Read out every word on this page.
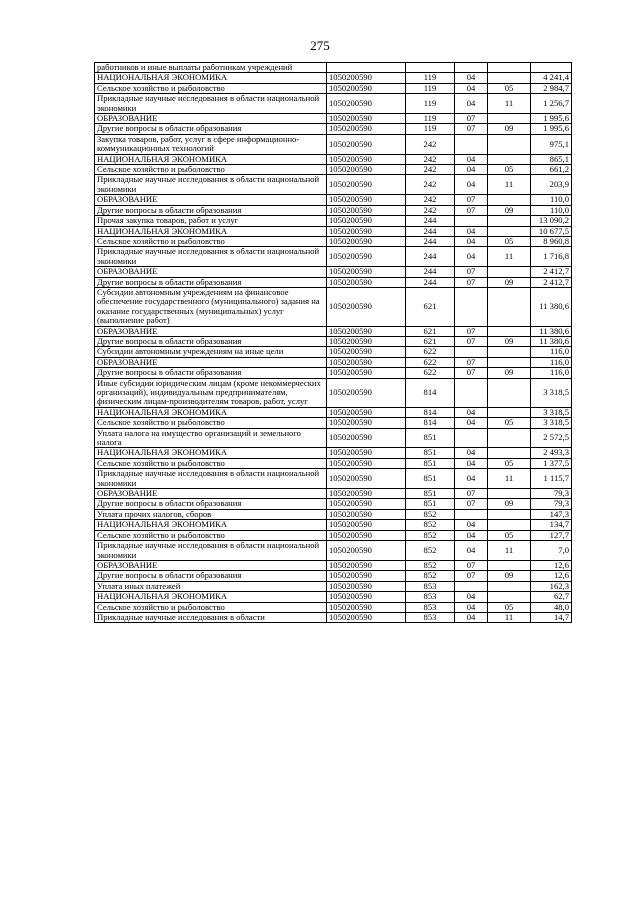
275
работников и иные выплаты работникам учреждений					
НАЦИОНАЛЬНАЯ ЭКОНОМИКА	1050200590	119	04		4 241,4
Сельское хозяйство и рыболовство	1050200590	119	04	05	2 984,7
Прикладные научные исследования в области национальной экономики	1050200590	119	04	11	1 256,7
ОБРАЗОВАНИЕ	1050200590	119	07		1 995,6
Другие вопросы в области образования	1050200590	119	07	09	1 995,6
Закупка товаров, работ, услуг в сфере информационно-коммуникационных технологий	1050200590	242			975,1
НАЦИОНАЛЬНАЯ ЭКОНОМИКА	1050200590	242	04		865,1
Сельское хозяйство и рыболовство	1050200590	242	04	05	661,2
Прикладные научные исследования в области национальной экономики	1050200590	242	04	11	203,9
ОБРАЗОВАНИЕ	1050200590	242	07		110,0
Другие вопросы в области образования	1050200590	242	07	09	110,0
Прочая закупка товаров, работ и услуг	1050200590	244			13 090,2
НАЦИОНАЛЬНАЯ ЭКОНОМИКА	1050200590	244	04		10 677,5
Сельское хозяйство и рыболовство	1050200590	244	04	05	8 960,8
Прикладные научные исследования в области национальной экономики	1050200590	244	04	11	1 716,8
ОБРАЗОВАНИЕ	1050200590	244	07		2 412,7
Другие вопросы в области образования	1050200590	244	07	09	2 412,7
Субсидии автономным учреждениям на финансовое обеспечение государственного (муниципального) задания на оказание государственных (муниципальных) услуг (выполнение работ)	1050200590	621			11 380,6
ОБРАЗОВАНИЕ	1050200590	621	07		11 380,6
Другие вопросы в области образования	1050200590	621	07	09	11 380,6
Субсидии автономным учреждениям на иные цели	1050200590	622			116,0
ОБРАЗОВАНИЕ	1050200590	622	07		116,0
Другие вопросы в области образования	1050200590	622	07	09	116,0
Иные субсидии юридическим лицам (кроме некоммерческих организаций), индивидуальным предпринимателям, физическим лицам-производителям товаров, работ, услуг	1050200590	814			3 318,5
НАЦИОНАЛЬНАЯ ЭКОНОМИКА	1050200590	814	04		3 318,5
Сельское хозяйство и рыболовство	1050200590	814	04	05	3 318,5
Уплата налога на имущество организаций и земельного налога	1050200590	851			2 572,5
НАЦИОНАЛЬНАЯ ЭКОНОМИКА	1050200590	851	04		2 493,3
Сельское хозяйство и рыболовство	1050200590	851	04	05	1 377,5
Прикладные научные исследования в области национальной экономики	1050200590	851	04	11	1 115,7
ОБРАЗОВАНИЕ	1050200590	851	07		79,3
Другие вопросы в области образования	1050200590	851	07	09	79,3
Уплата прочих налогов, сборов	1050200590	852			147,3
НАЦИОНАЛЬНАЯ ЭКОНОМИКА	1050200590	852	04		134,7
Сельское хозяйство и рыболовство	1050200590	852	04	05	127,7
Прикладные научные исследования в области национальной экономики	1050200590	852	04	11	7,0
ОБРАЗОВАНИЕ	1050200590	852	07		12,6
Другие вопросы в области образования	1050200590	852	07	09	12,6
Уплата иных платежей	1050200590	853			162,3
НАЦИОНАЛЬНАЯ ЭКОНОМИКА	1050200590	853	04		62,7
Сельское хозяйство и рыболовство	1050200590	853	04	05	48,0
Прикладные научные исследования в области	1050200590	853	04	11	14,7
